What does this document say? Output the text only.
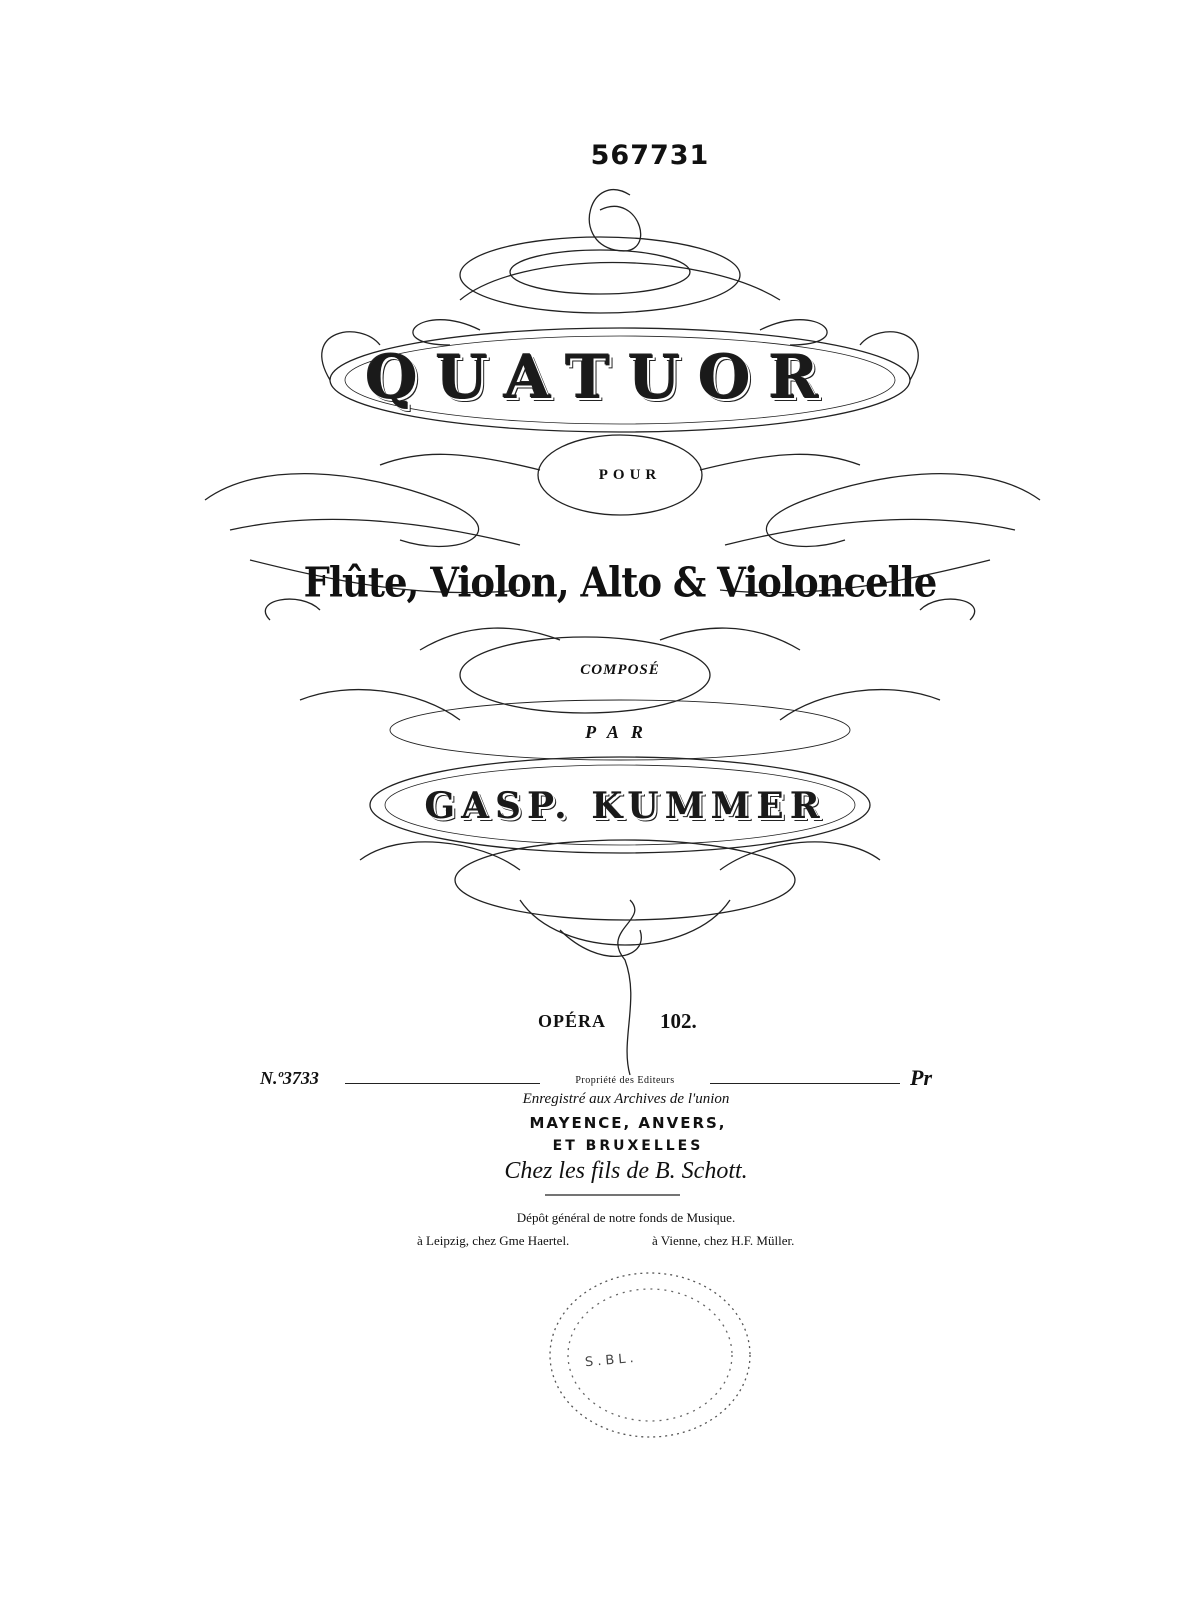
567731
QUATUOR
POUR
Flûte, Violon, Alto & Violoncelle
COMPOSÉ
PAR
GASP. KUMMER
OPÉRA	102.
N.º3733	Pr
Propriété des Editeurs
Enregistré aux Archives de l'union
MAYENCE, ANVERS,
ET BRUXELLES
Chez les fils de B. Schott.
Dépôt général de notre fonds de Musique.
à Leipzig, chez Gme Haertel.	à Vienne, chez H.F. Müller.
S.BL.
